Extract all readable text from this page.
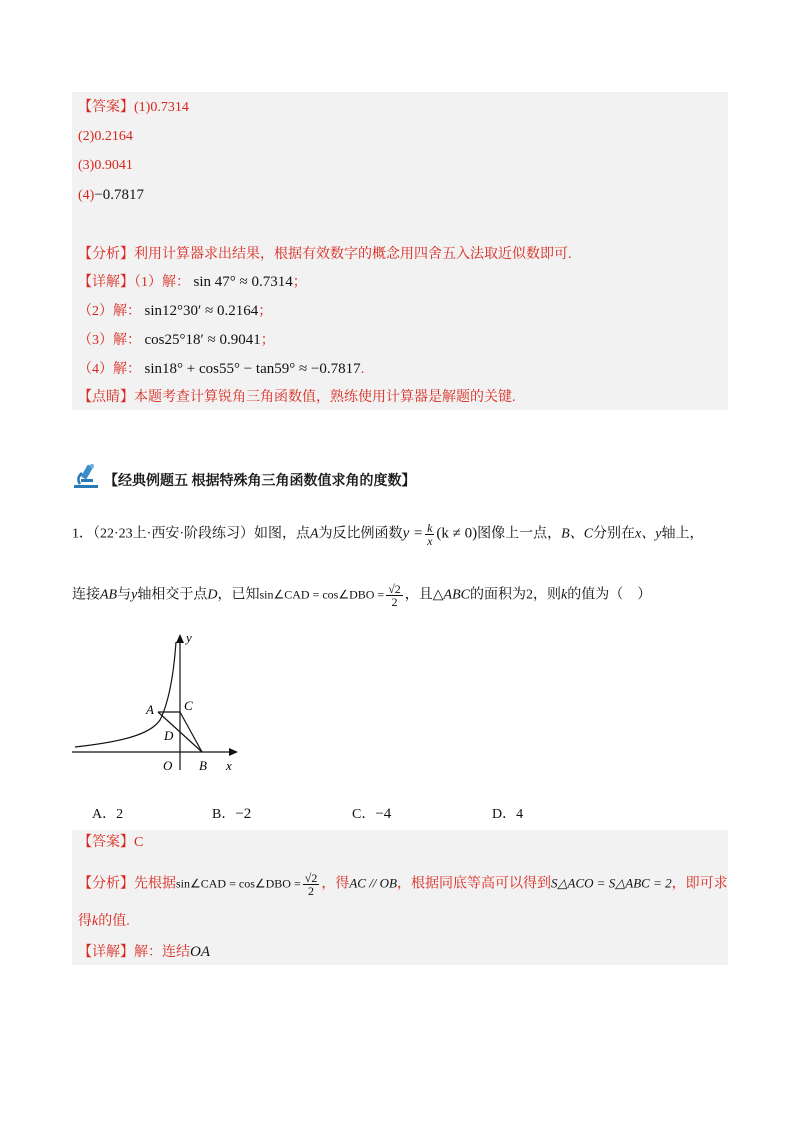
【答案】(1)0.7314
(2)0.2164
(3)0.9041
(4)−0.7817
【分析】利用计算器求出结果，根据有效数字的概念用四舍五入法取近似数即可.
【详解】（1）解： sin 47° ≈ 0.7314；
（2）解： sin12°30′ ≈ 0.2164；
（3）解： cos25°18′ ≈ 0.9041；
（4）解： sin18° + cos55° − tan59° ≈ −0.7817.
【点睛】本题考查计算锐角三角函数值，熟练使用计算器是解题的关键.
【经典例题五 根据特殊角三角函数值求角的度数】
1．（22·23上·西安·阶段练习）如图，点A为反比例函数$y = \frac{k}{x} (k \ne 0)$图像上一点，B、C分别在x、y轴上，
连接AB与y轴相交于点D，已知sin∠CAD = cos∠DBO = $\frac{√2}{2}$ ，且△ABC的面积为2，则k的值为（　）
y
x
A C
D
O B
A．2	B．−2	C．−4	D．4
【答案】C
【分析】先根据sin∠CAD = cos∠DBO = $\frac{√2}{2}$ ，得AC // OB，根据同底等高可以得到S△ACO = S△ABC = 2，即可求
得k的值.
【详解】解：连结OA
